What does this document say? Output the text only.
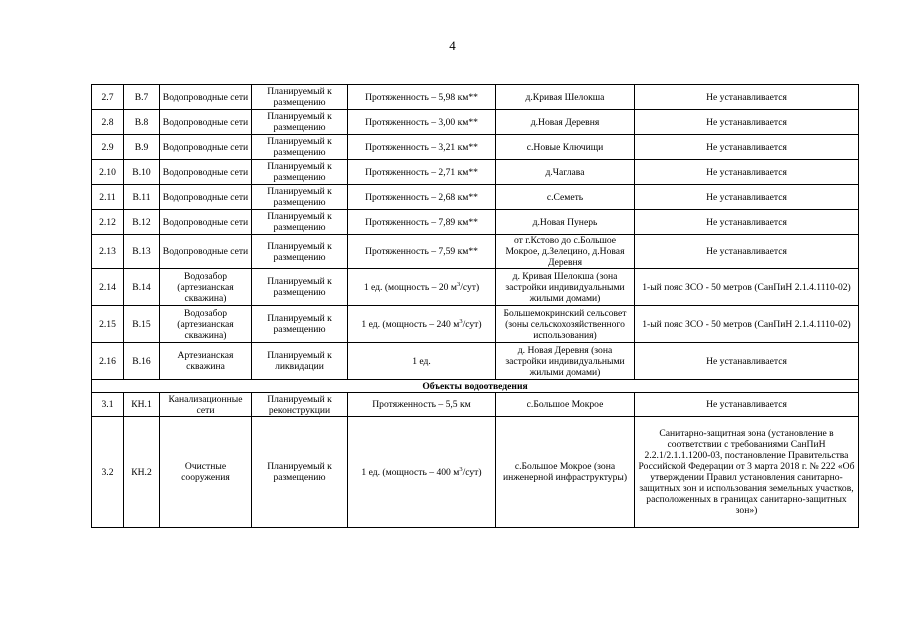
4
2.7	В.7	Водопроводные сети	Планируемый к размещению	Протяженность – 5,98 км**	д.Кривая Шелокша	Не устанавливается
2.8	В.8	Водопроводные сети	Планируемый к размещению	Протяженность – 3,00 км**	д.Новая Деревня	Не устанавливается
2.9	В.9	Водопроводные сети	Планируемый к размещению	Протяженность – 3,21 км**	с.Новые Ключищи	Не устанавливается
2.10	В.10	Водопроводные сети	Планируемый к размещению	Протяженность – 2,71 км**	д.Чаглава	Не устанавливается
2.11	В.11	Водопроводные сети	Планируемый к размещению	Протяженность – 2,68 км**	с.Семеть	Не устанавливается
2.12	В.12	Водопроводные сети	Планируемый к размещению	Протяженность – 7,89 км**	д.Новая Пунерь	Не устанавливается
2.13	В.13	Водопроводные сети	Планируемый к размещению	Протяженность – 7,59 км**	от г.Кстово до с.Большое Мокрое, д.Зелецино, д.Новая Деревня	Не устанавливается
2.14	В.14	Водозабор (артезианская скважина)	Планируемый к размещению	1 ед. (мощность – 20 $м^3/сут$)	д. Кривая Шелокша (зона застройки индивидуальными жилыми домами)	1-ый пояс ЗСО - 50 метров (СанПиН 2.1.4.1110-02)
2.15	В.15	Водозабор (артезианская скважина)	Планируемый к размещению	1 ед. (мощность – 240 $м^3/сут$)	Большемокринский сельсовет (зоны сельскохозяйственного использования)	1-ый пояс ЗСО - 50 метров (СанПиН 2.1.4.1110-02)
2.16	В.16	Артезианская скважина	Планируемый к ликвидации	1 ед.	д. Новая Деревня (зона застройки индивидуальными жилыми домами)	Не устанавливается
Объекты водоотведения						
3.1	КН.1	Канализационные сети	Планируемый к реконструкции	Протяженность – 5,5 км	с.Большое Мокрое	Не устанавливается
3.2	КН.2	Очистные сооружения	Планируемый к размещению	1 ед. (мощность – 400 $м^3/сут$)	с.Большое Мокрое (зона инженерной инфраструктуры)	Санитарно-защитная зона (установление в соответствии с требованиями СанПиН 2.2.1/2.1.1.1200-03, постановление Правительства Российской Федерации от 3 марта 2018 г. № 222 «Об утверждении Правил установления санитарно-защитных зон и использования земельных участков, расположенных в границах санитарно-защитных зон»)
